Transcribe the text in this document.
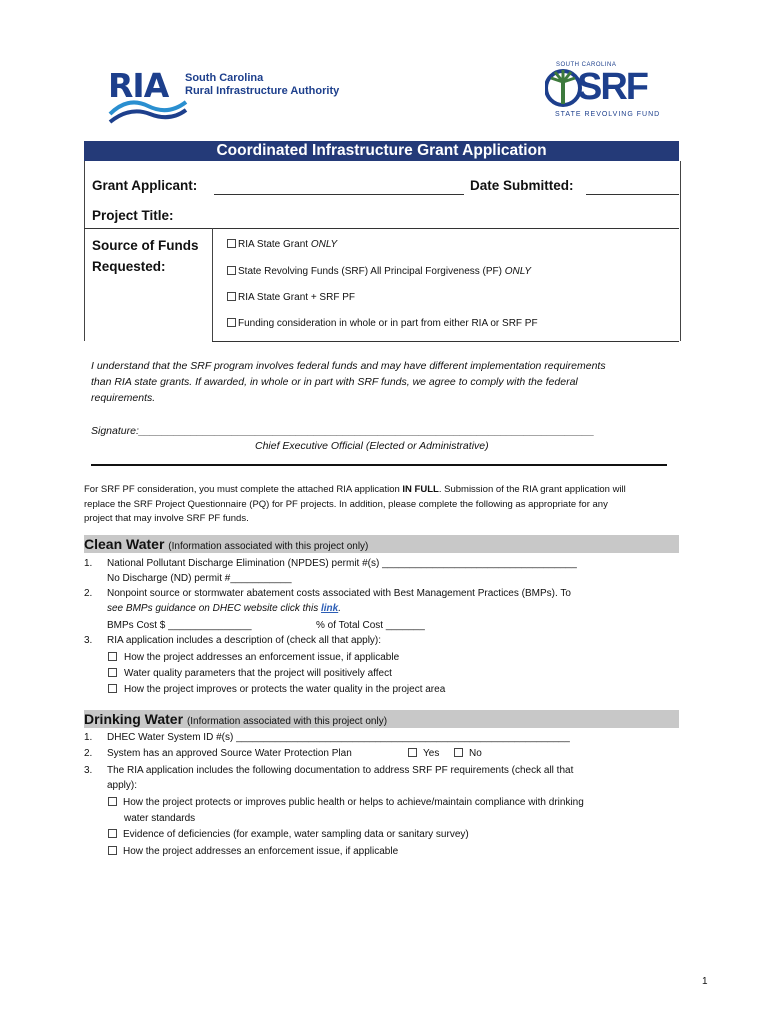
RIA South Carolina
Rural Infrastructure Authority
SOUTH CAROLINA
SRF
STATE REVOLVING FUND
Coordinated Infrastructure Grant Application
Grant Applicant:	Date Submitted:
Project Title:
Source of Funds
Requested:
RIA State Grant ONLY
State Revolving Funds (SRF) All Principal Forgiveness (PF) ONLY
RIA State Grant + SRF PF
Funding consideration in whole or in part from either RIA or SRF PF
I understand that the SRF program involves federal funds and may have different implementation requirements
than RIA state grants. If awarded, in whole or in part with SRF funds, we agree to comply with the federal
requirements.
Signature:______________________________________________________________________________
Chief Executive Official (Elected or Administrative)
For SRF PF consideration, you must complete the attached RIA application IN FULL. Submission of the RIA grant application will
replace the SRF Project Questionnaire (PQ) for PF projects. In addition, please complete the following as appropriate for any
project that may involve SRF PF funds.
Clean Water (Information associated with this project only)
1. National Pollutant Discharge Elimination (NPDES) permit #(s) ___________________________________
No Discharge (ND) permit #___________
2. Nonpoint source or stormwater abatement costs associated with Best Management Practices (BMPs). To
see BMPs guidance on DHEC website click this link.
BMPs Cost $ _______________	% of Total Cost _______
3. RIA application includes a description of (check all that apply):
How the project addresses an enforcement issue, if applicable
Water quality parameters that the project will positively affect
How the project improves or protects the water quality in the project area
Drinking Water (Information associated with this project only)
1. DHEC Water System ID #(s) ____________________________________________________________
2. System has an approved Source Water Protection Plan	Yes	No
3. The RIA application includes the following documentation to address SRF PF requirements (check all that
apply):
How the project protects or improves public health or helps to achieve/maintain compliance with drinking
water standards
Evidence of deficiencies (for example, water sampling data or sanitary survey)
How the project addresses an enforcement issue, if applicable
1
